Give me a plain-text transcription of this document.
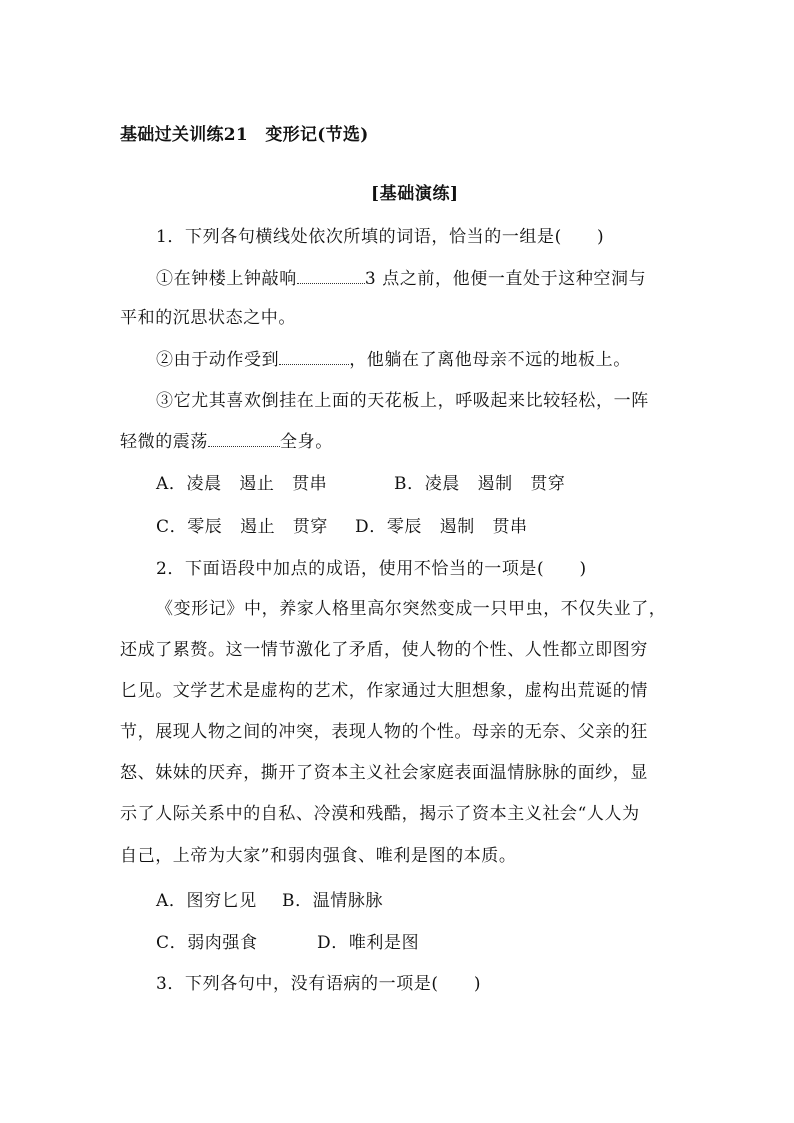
基础过关训练21　变形记(节选)
[基础演练]
1．下列各句横线处依次所填的词语，恰当的一组是(　　)
①在钟楼上钟敲响	3 点之前，他便一直处于这种空洞与
平和的沉思状态之中。
②由于动作受到	，他躺在了离他母亲不远的地板上。
③它尤其喜欢倒挂在上面的天花板上，呼吸起来比较轻松，一阵
轻微的震荡	全身。
A．凌晨　遏止　贯串	B．凌晨　遏制　贯穿
C．零辰　遏止　贯穿 D．零辰　遏制　贯串
2．下面语段中加点的成语，使用不恰当的一项是(　　)
《变形记》中，养家人格里高尔突然变成一只甲虫，不仅失业了，
还成了累赘。这一情节激化了矛盾，使人物的个性、人性都立即图穷
匕见。文学艺术是虚构的艺术，作家通过大胆想象，虚构出荒诞的情
节，展现人物之间的冲突，表现人物的个性。母亲的无奈、父亲的狂
怒、妹妹的厌弃，撕开了资本主义社会家庭表面温情脉脉的面纱，显
示了人际关系中的自私、冷漠和残酷，揭示了资本主义社会“人人为
自己，上帝为大家”和弱肉强食、唯利是图的本质。
A．图穷匕见 B．温情脉脉
C．弱肉强食	D．唯利是图
3．下列各句中，没有语病的一项是(　　)
